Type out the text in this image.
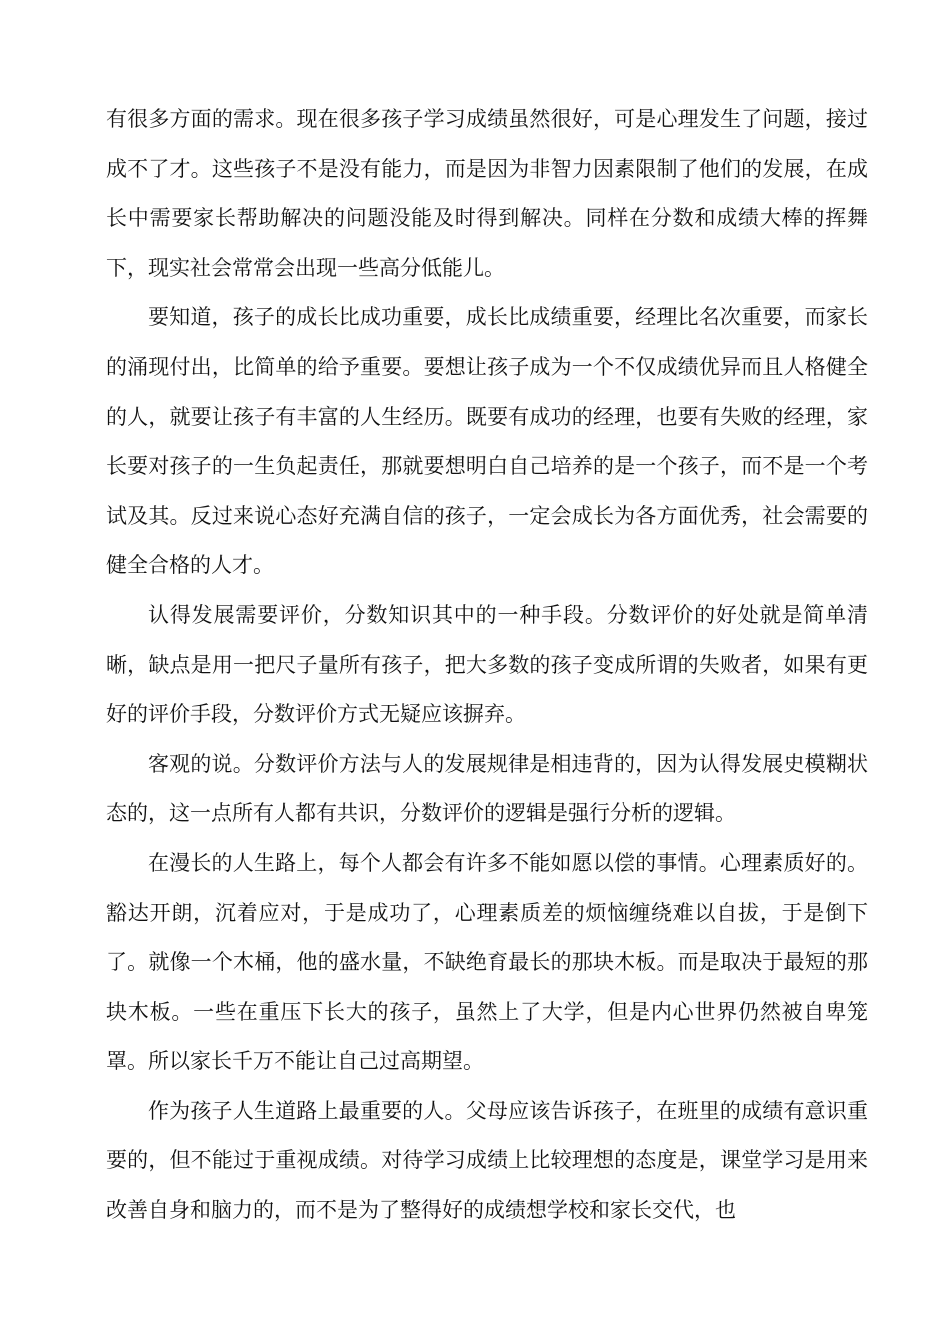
有很多方面的需求。现在很多孩子学习成绩虽然很好，可是心理发生了问题，接过成不了才。这些孩子不是没有能力，而是因为非智力因素限制了他们的发展，在成长中需要家长帮助解决的问题没能及时得到解决。同样在分数和成绩大棒的挥舞下，现实社会常常会出现一些高分低能儿。

要知道，孩子的成长比成功重要，成长比成绩重要，经理比名次重要，而家长的涌现付出，比简单的给予重要。要想让孩子成为一个不仅成绩优异而且人格健全的人，就要让孩子有丰富的人生经历。既要有成功的经理，也要有失败的经理，家长要对孩子的一生负起责任，那就要想明白自己培养的是一个孩子，而不是一个考试及其。反过来说心态好充满自信的孩子，一定会成长为各方面优秀，社会需要的健全合格的人才。

认得发展需要评价，分数知识其中的一种手段。分数评价的好处就是简单清晰，缺点是用一把尺子量所有孩子，把大多数的孩子变成所谓的失败者，如果有更好的评价手段，分数评价方式无疑应该摒弃。

客观的说。分数评价方法与人的发展规律是相违背的，因为认得发展史模糊状态的，这一点所有人都有共识，分数评价的逻辑是强行分析的逻辑。

在漫长的人生路上，每个人都会有许多不能如愿以偿的事情。心理素质好的。豁达开朗，沉着应对，于是成功了，心理素质差的烦恼缠绕难以自拔，于是倒下了。就像一个木桶，他的盛水量，不缺绝育最长的那块木板。而是取决于最短的那块木板。一些在重压下长大的孩子，虽然上了大学，但是内心世界仍然被自卑笼罩。所以家长千万不能让自己过高期望。

作为孩子人生道路上最重要的人。父母应该告诉孩子，在班里的成绩有意识重要的，但不能过于重视成绩。对待学习成绩上比较理想的态度是，课堂学习是用来改善自身和脑力的，而不是为了整得好的成绩想学校和家长交代，也
